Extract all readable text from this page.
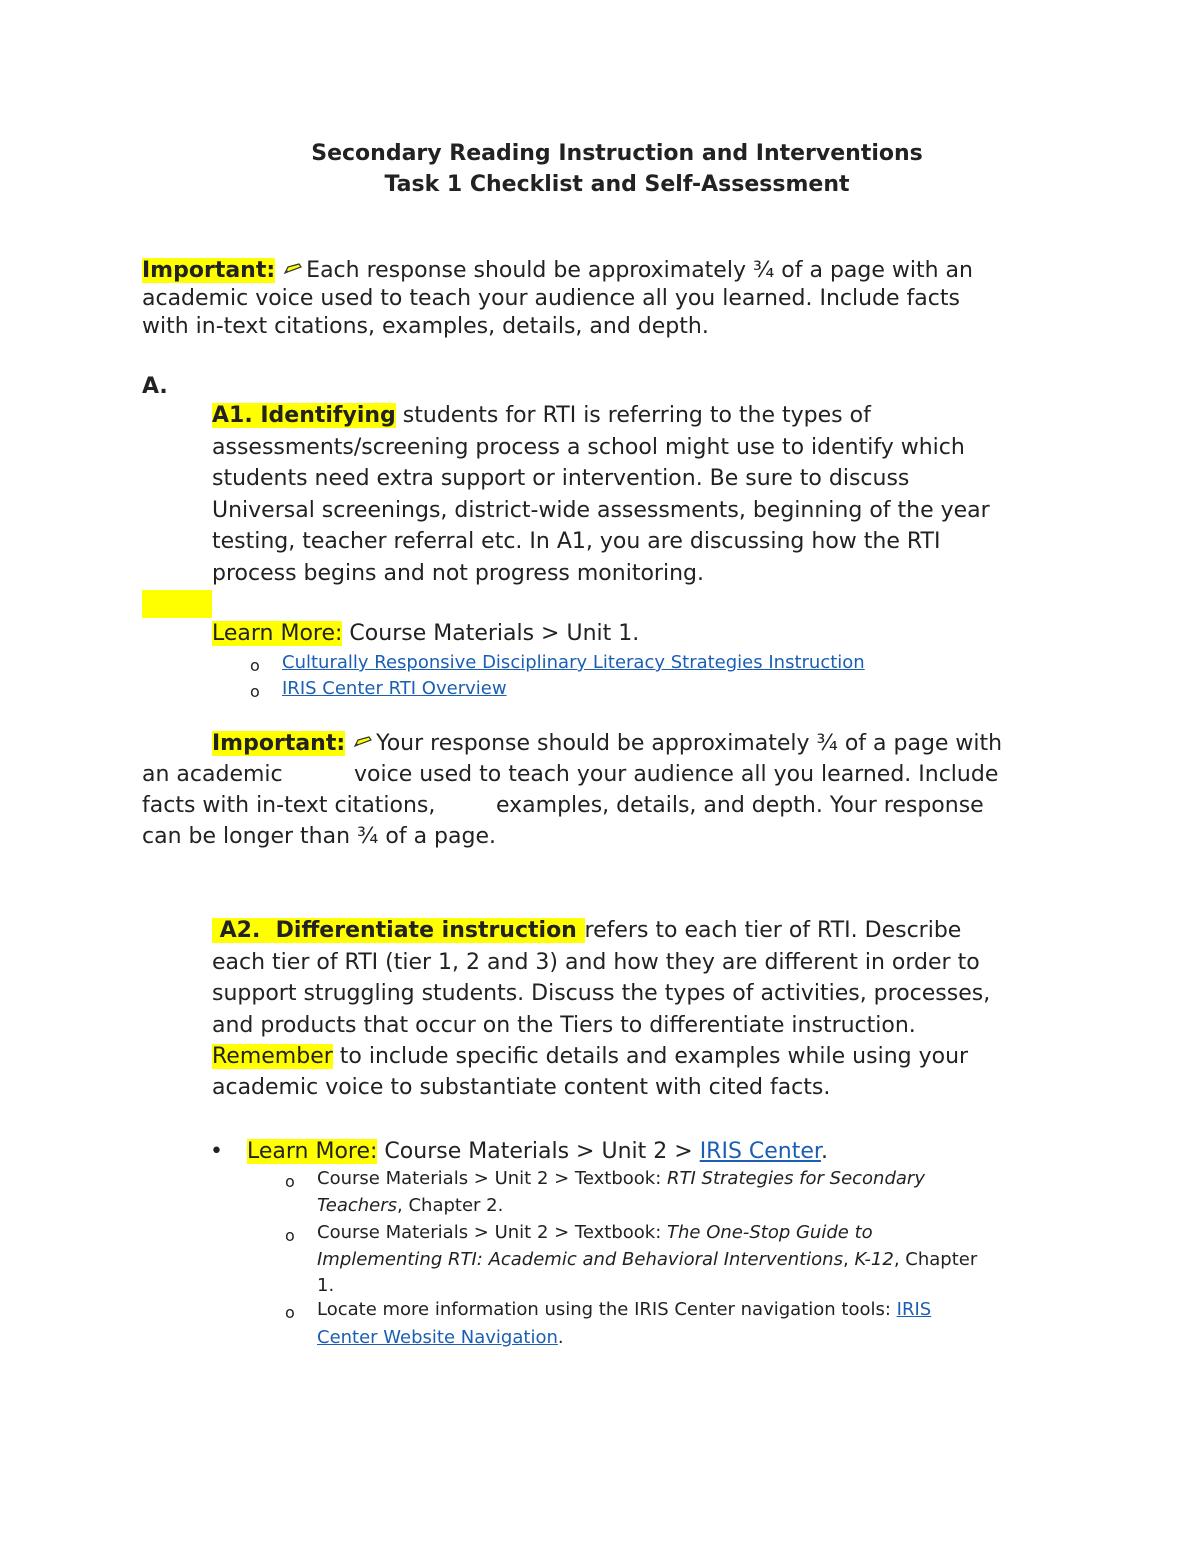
Secondary Reading Instruction and Interventions
Task 1 Checklist and Self-Assessment
Important: Each response should be approximately ¾ of a page with an
academic voice used to teach your audience all you learned. Include facts
with in-text citations, examples, details, and depth.
A.
A1. Identifying students for RTI is referring to the types of
assessments/screening process a school might use to identify which
students need extra support or intervention. Be sure to discuss
Universal screenings, district-wide assessments, beginning of the year
testing, teacher referral etc. In A1, you are discussing how the RTI
process begins and not progress monitoring.
Learn More: Course Materials > Unit 1.
o Culturally Responsive Disciplinary Literacy Strategies Instruction
o IRIS Center RTI Overview
Important: Your response should be approximately ¾ of a page with
an academic	voice used to teach your audience all you learned. Include
facts with in-text citations,	examples, details, and depth. Your response
can be longer than ¾ of a page.
A2.  Differentiate instruction refers to each tier of RTI. Describe
each tier of RTI (tier 1, 2 and 3) and how they are different in order to
support struggling students. Discuss the types of activities, processes,
and products that occur on the Tiers to differentiate instruction.
Remember to include specific details and examples while using your
academic voice to substantiate content with cited facts.
• Learn More: Course Materials > Unit 2 > IRIS Center.
o Course Materials > Unit 2 > Textbook: RTI Strategies for Secondary
Teachers, Chapter 2.
o Course Materials > Unit 2 > Textbook: The One-Stop Guide to
Implementing RTI: Academic and Behavioral Interventions, K-12, Chapter
1.
o Locate more information using the IRIS Center navigation tools: IRIS
Center Website Navigation.
